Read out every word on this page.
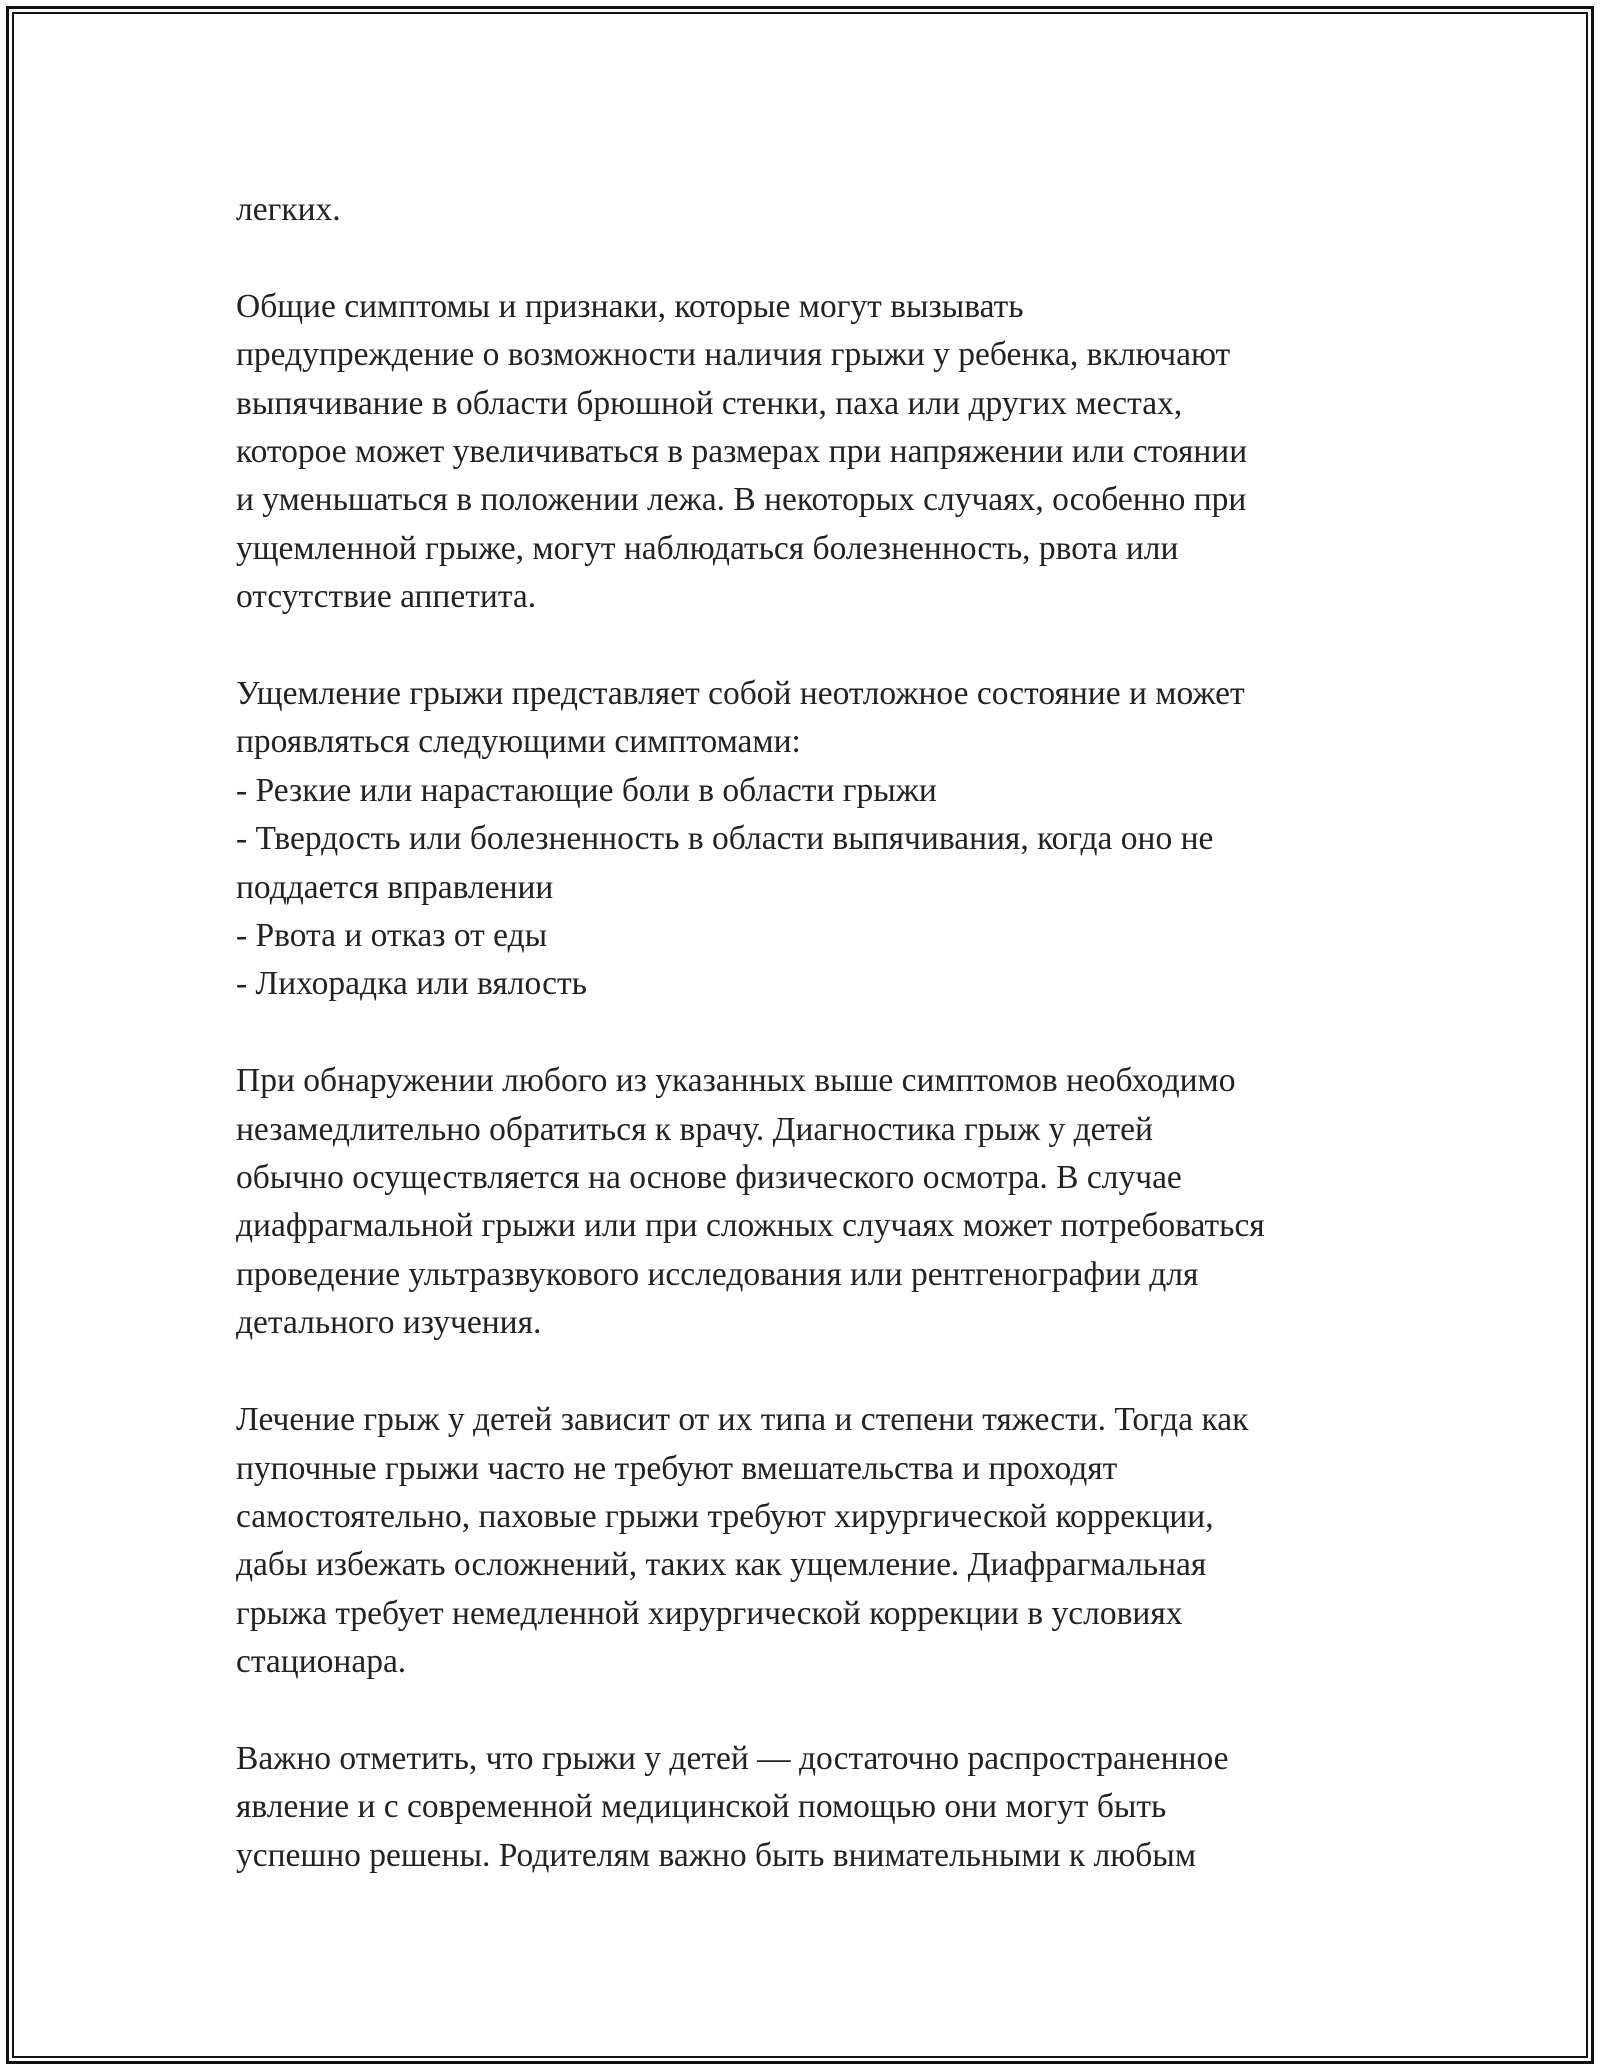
легких.

Общие симптомы и признаки, которые могут вызывать
предупреждение о возможности наличия грыжи у ребенка, включают
выпячивание в области брюшной стенки, паха или других местах,
которое может увеличиваться в размерах при напряжении или стоянии
и уменьшаться в положении лежа. В некоторых случаях, особенно при
ущемленной грыже, могут наблюдаться болезненность, рвота или
отсутствие аппетита.

Ущемление грыжи представляет собой неотложное состояние и может
проявляться следующими симптомами:
- Резкие или нарастающие боли в области грыжи
- Твердость или болезненность в области выпячивания, когда оно не
поддается вправлении
- Рвота и отказ от еды
- Лихорадка или вялость

При обнаружении любого из указанных выше симптомов необходимо
незамедлительно обратиться к врачу. Диагностика грыж у детей
обычно осуществляется на основе физического осмотра. В случае
диафрагмальной грыжи или при сложных случаях может потребоваться
проведение ультразвукового исследования или рентгенографии для
детального изучения.

Лечение грыж у детей зависит от их типа и степени тяжести. Тогда как
пупочные грыжи часто не требуют вмешательства и проходят
самостоятельно, паховые грыжи требуют хирургической коррекции,
дабы избежать осложнений, таких как ущемление. Диафрагмальная
грыжа требует немедленной хирургической коррекции в условиях
стационара.

Важно отметить, что грыжи у детей — достаточно распространенное
явление и с современной медицинской помощью они могут быть
успешно решены. Родителям важно быть внимательными к любым
